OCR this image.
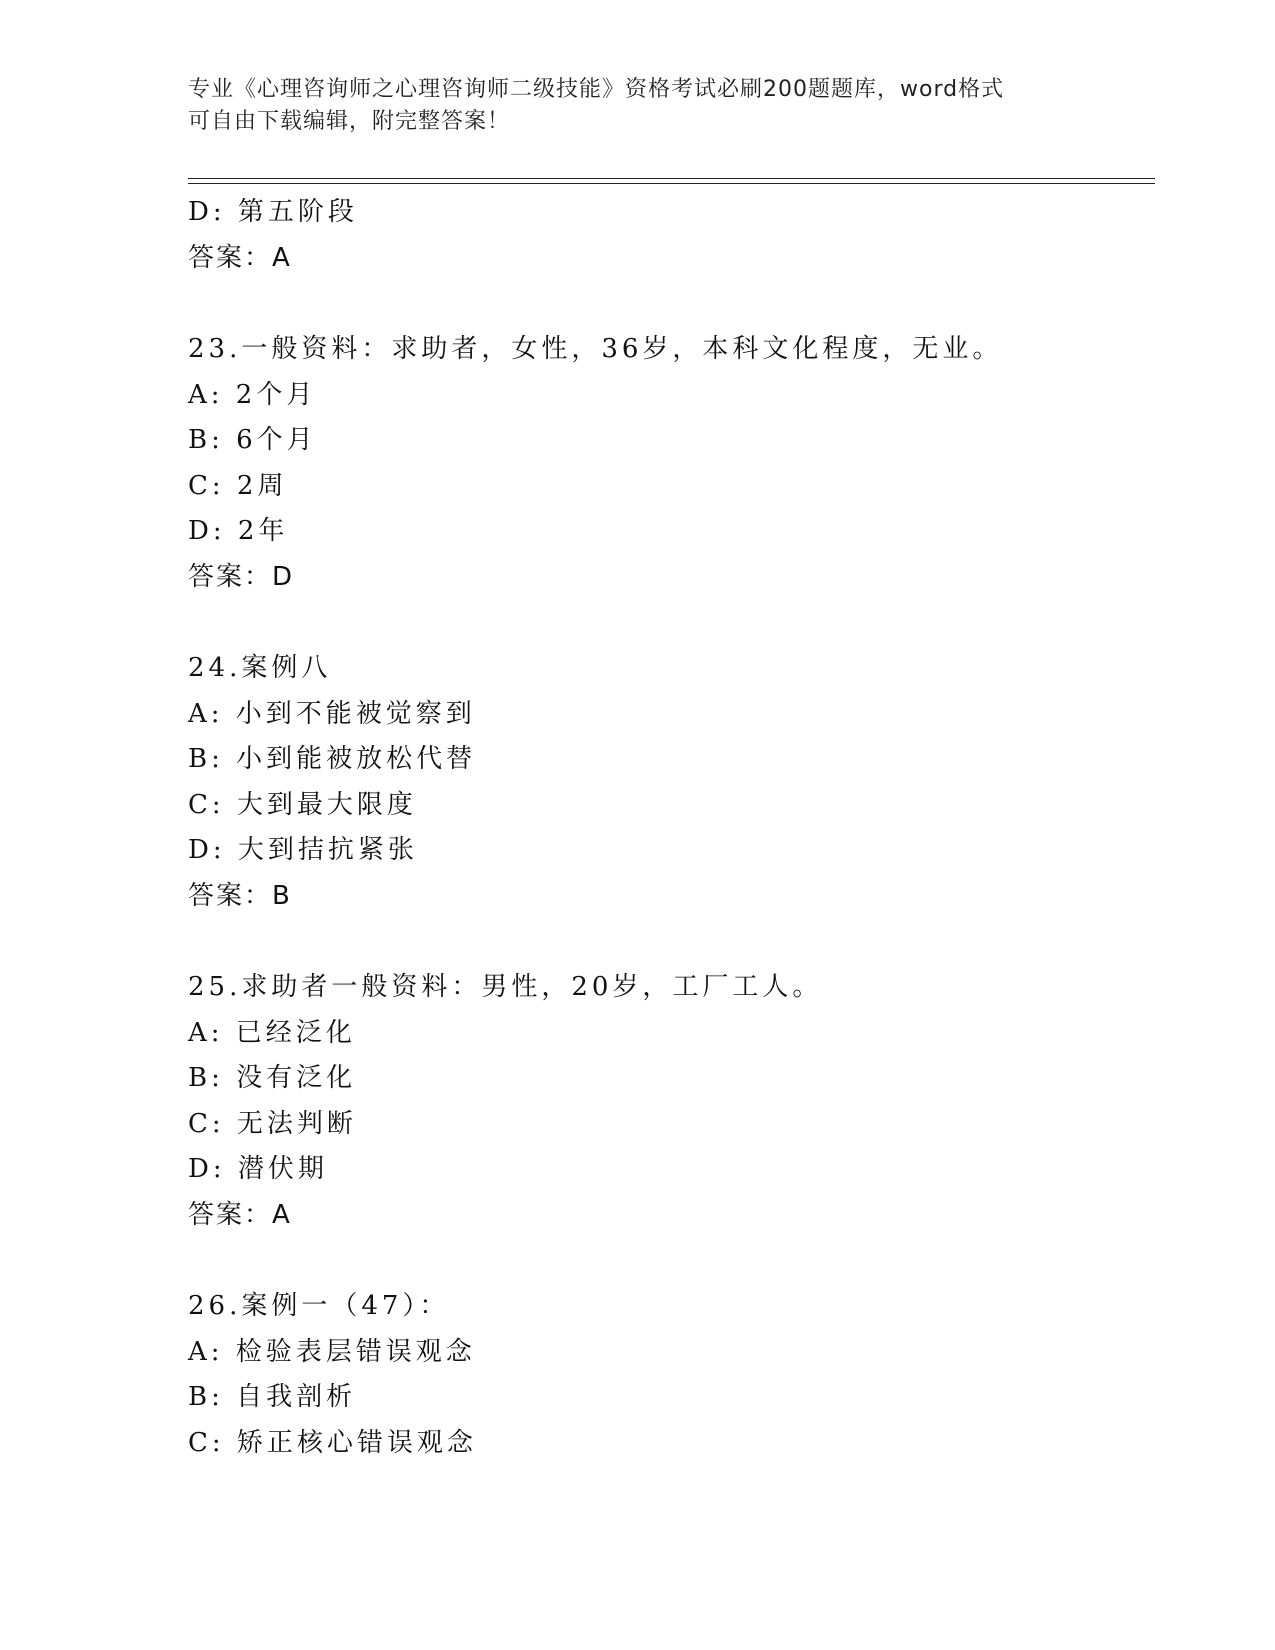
专业《心理咨询师之心理咨询师二级技能》资格考试必刷200题题库，word格式
可自由下载编辑，附完整答案！
D: 第五阶段
答案：A
23.一般资料：求助者，女性，36岁，本科文化程度，无业。
A: 2个月
B: 6个月
C: 2周
D: 2年
答案：D
24.案例八
A: 小到不能被觉察到
B: 小到能被放松代替
C: 大到最大限度
D: 大到拮抗紧张
答案：B
25.求助者一般资料：男性，20岁，工厂工人。
A: 已经泛化
B: 没有泛化
C: 无法判断
D: 潜伏期
答案：A
26.案例一（47）：
A: 检验表层错误观念
B: 自我剖析
C: 矫正核心错误观念
